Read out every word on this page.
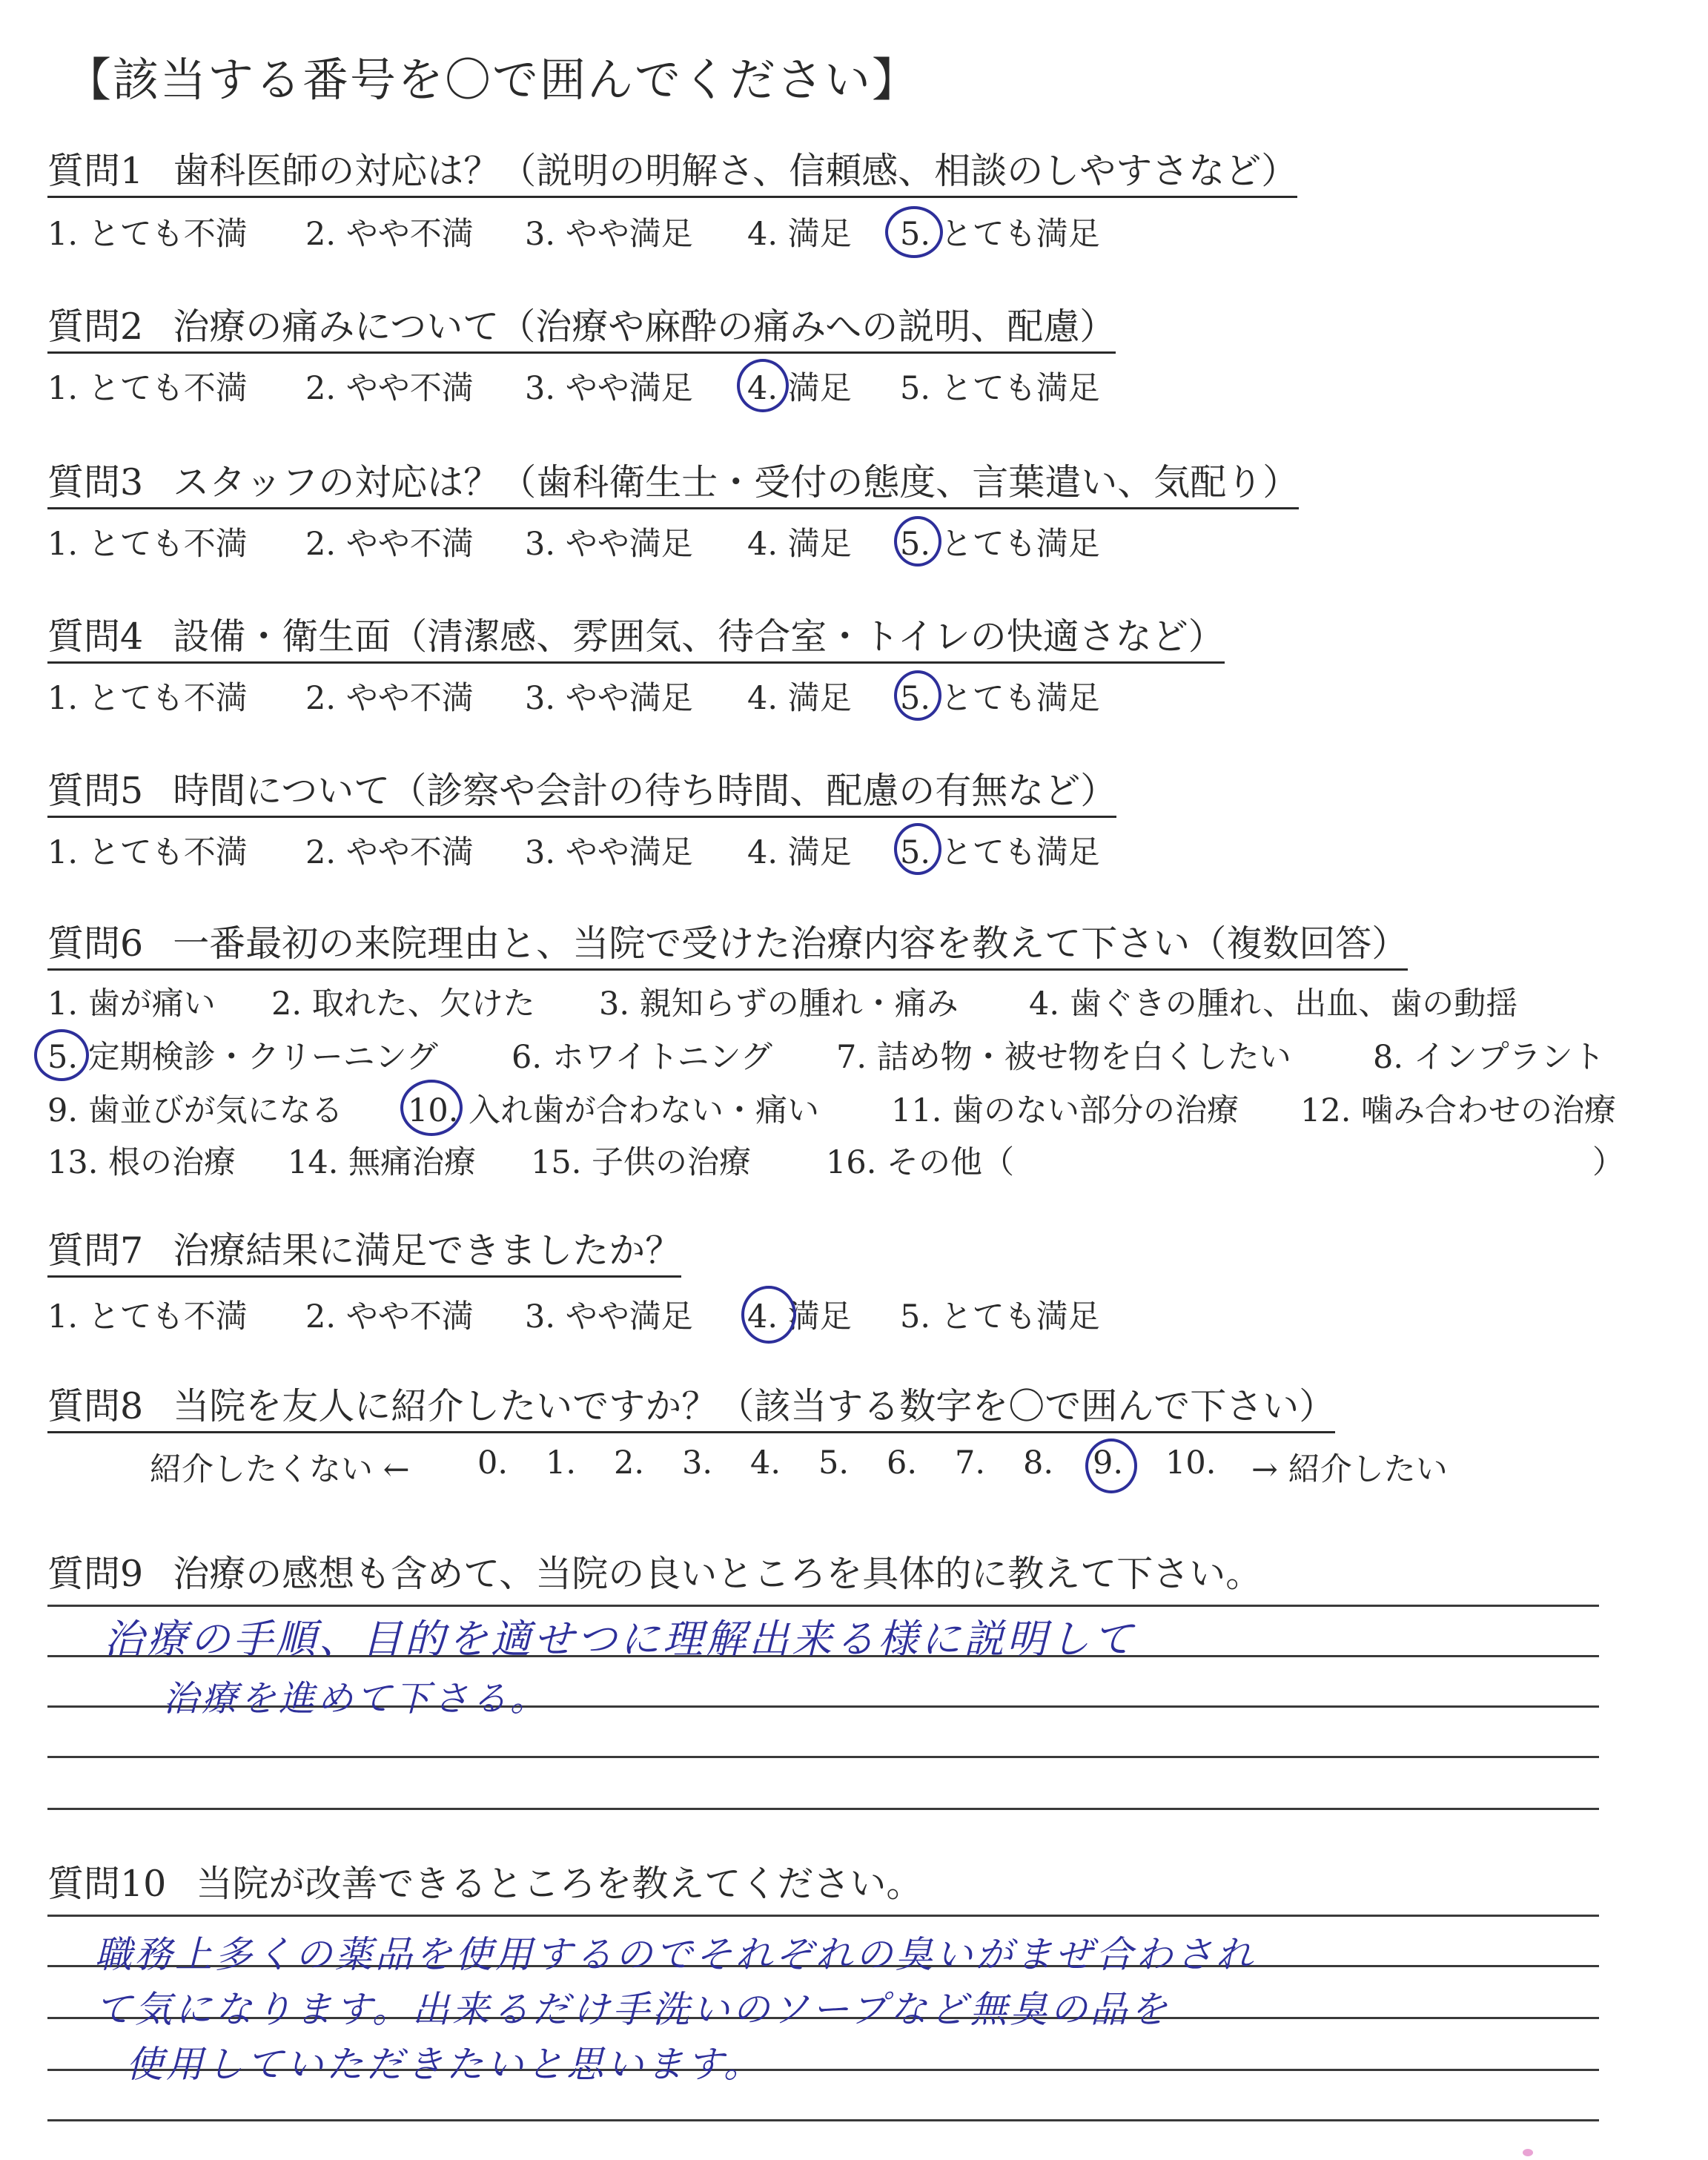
【該当する番号を〇で囲んでください】
質問1 歯科医師の対応は？（説明の明解さ、信頼感、相談のしやすさなど）
1. とても不満 2. やや不満 3. やや満足 4. 満足 5. とても満足
質問2 治療の痛みについて（治療や麻酔の痛みへの説明、配慮）
1. とても不満 2. やや不満 3. やや満足 4. 満足 5. とても満足
質問3 スタッフの対応は？（歯科衛生士・受付の態度、言葉遣い、気配り）
1. とても不満 2. やや不満 3. やや満足 4. 満足 5. とても満足
質問4 設備・衛生面（清潔感、雰囲気、待合室・トイレの快適さなど）
1. とても不満 2. やや不満 3. やや満足 4. 満足 5. とても満足
質問5 時間について（診察や会計の待ち時間、配慮の有無など）
1. とても不満 2. やや不満 3. やや満足 4. 満足 5. とても満足
質問6 一番最初の来院理由と、当院で受けた治療内容を教えて下さい（複数回答）
1. 歯が痛い 2. 取れた、欠けた 3. 親知らずの腫れ・痛み 4. 歯ぐきの腫れ、出血、歯の動揺
5. 定期検診・クリーニング 6. ホワイトニング 7. 詰め物・被せ物を白くしたい	8. インプラント
9. 歯並びが気になる 10. 入れ歯が合わない・痛い 11. 歯のない部分の治療 12. 噛み合わせの治療
13. 根の治療 14. 無痛治療 15. 子供の治療 16. その他（	）
質問7 治療結果に満足できましたか？
1. とても不満 2. やや不満 3. やや満足 4. 満足 5. とても満足
質問8 当院を友人に紹介したいですか？（該当する数字を〇で囲んで下さい）
紹介したくない ← 0. 1. 2. 3. 4. 5. 6. 7. 8. 9. 10. → 紹介したい
質問9 治療の感想も含めて、当院の良いところを具体的に教えて下さい。
治療の手順、目的を適せつに理解出来る様に説明して
治療を進めて下さる。
質問10 当院が改善できるところを教えてください。
職務上多くの薬品を使用するのでそれぞれの臭いがまぜ合わされ
て気になります。出来るだけ手洗いのソープなど無臭の品を
使用していただきたいと思います。
